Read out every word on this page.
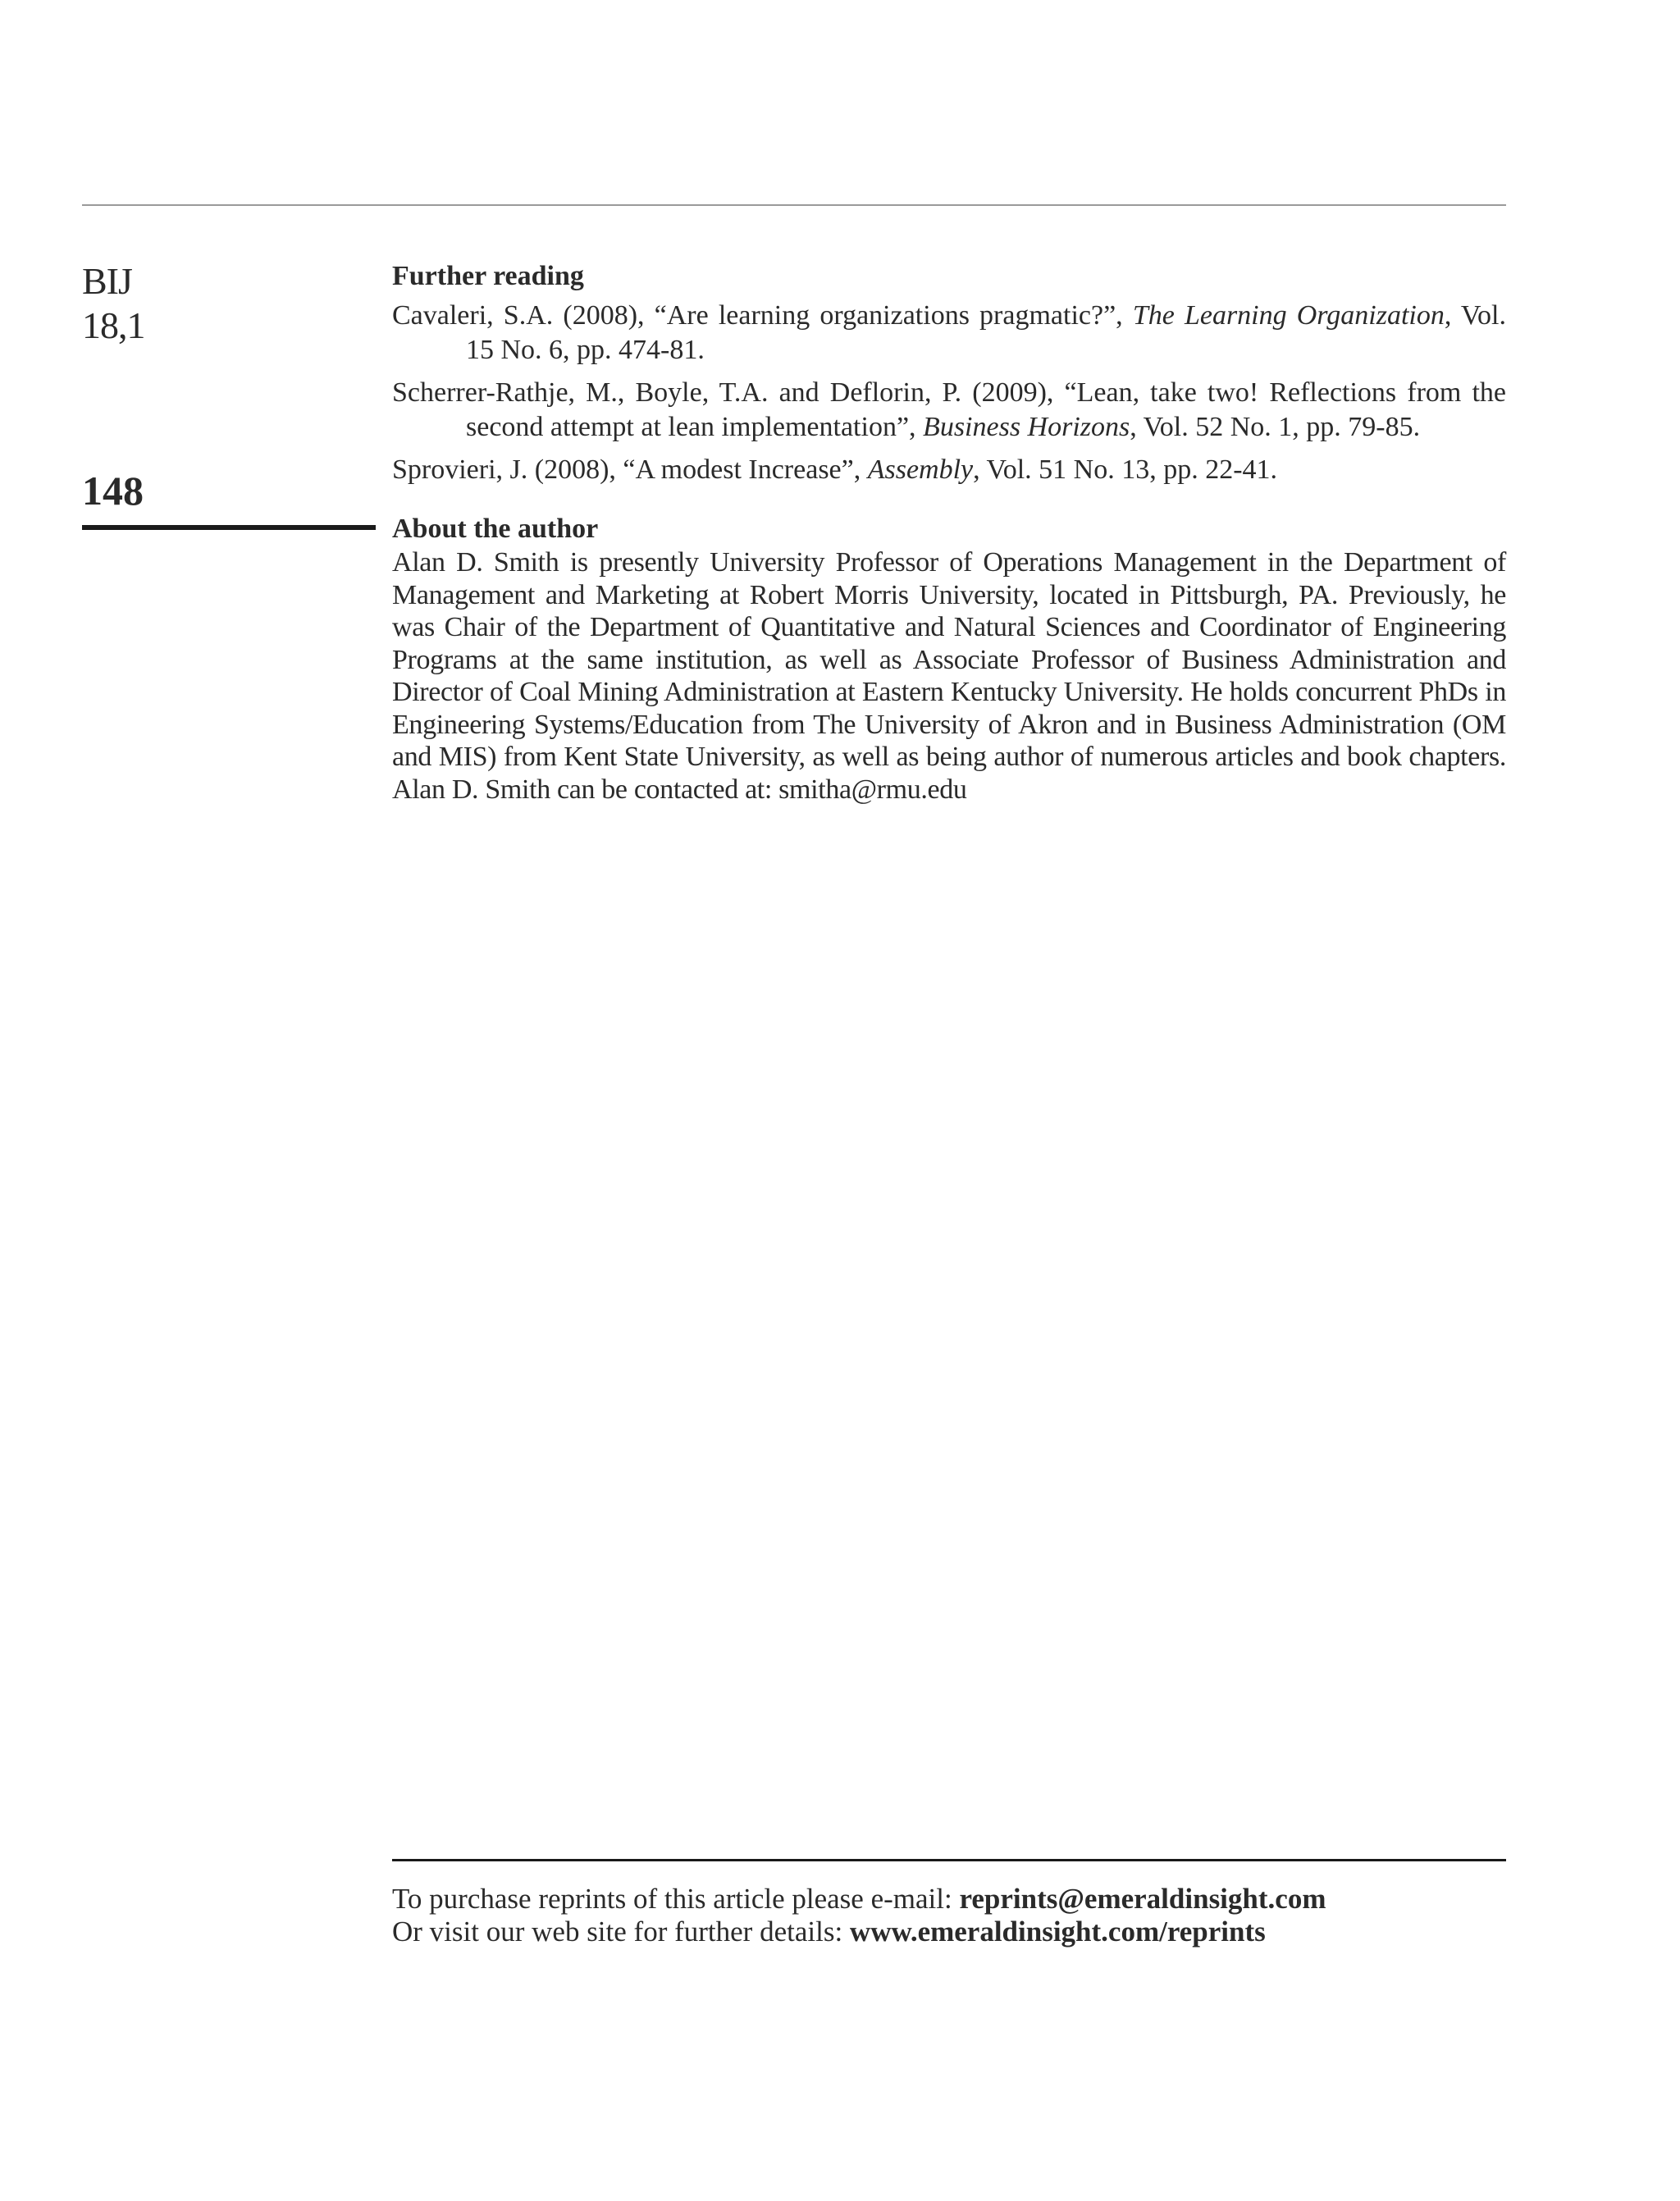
BIJ
18,1
148
Further reading
Cavaleri, S.A. (2008), “Are learning organizations pragmatic?”, The Learning Organization, Vol. 15 No. 6, pp. 474-81.
Scherrer-Rathje, M., Boyle, T.A. and Deflorin, P. (2009), “Lean, take two! Reflections from the second attempt at lean implementation”, Business Horizons, Vol. 52 No. 1, pp. 79-85.
Sprovieri, J. (2008), “A modest Increase”, Assembly, Vol. 51 No. 13, pp. 22-41.
About the author

Alan D. Smith is presently University Professor of Operations Management in the Department of Management and Marketing at Robert Morris University, located in Pittsburgh, PA. Previously, he was Chair of the Department of Quantitative and Natural Sciences and Coordinator of Engineering Programs at the same institution, as well as Associate Professor of Business Administration and Director of Coal Mining Administration at Eastern Kentucky University. He holds concurrent PhDs in Engineering Systems/Education from The University of Akron and in Business Administration (OM and MIS) from Kent State University, as well as being author of numerous articles and book chapters. Alan D. Smith can be contacted at: smitha@rmu.edu

To purchase reprints of this article please e-mail: reprints@emeraldinsight.com

Or visit our web site for further details: www.emeraldinsight.com/reprints
